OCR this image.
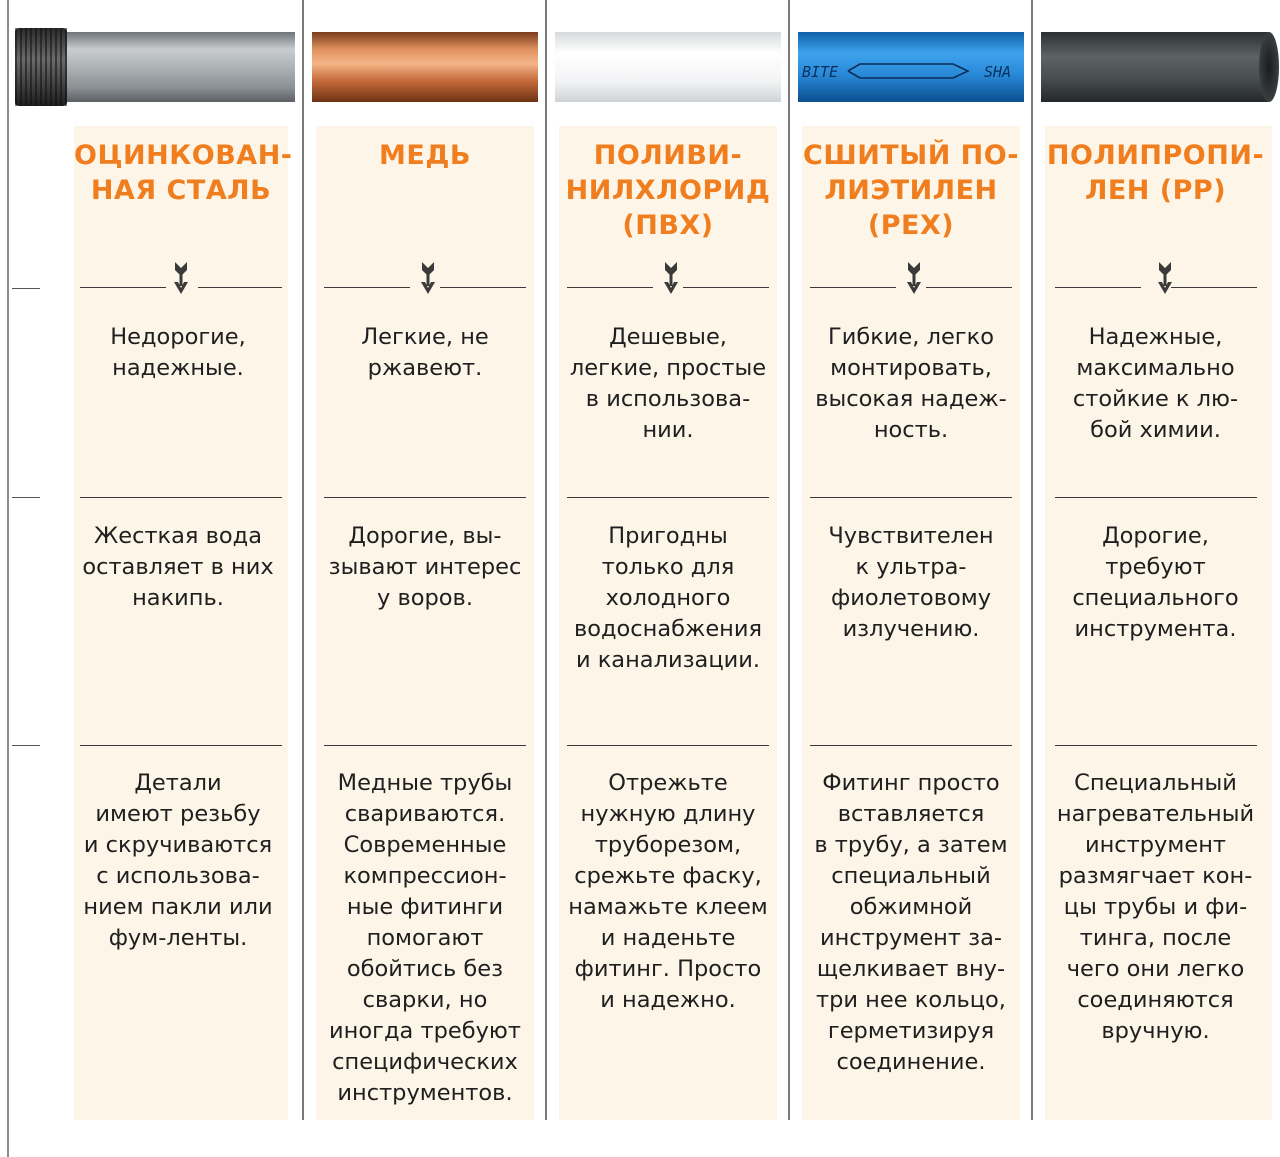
ОЦИНКОВАН-
НАЯ СТАЛЬ
Недорогие,
надежные.
Жесткая вода
оставляет в них
накипь.
Детали
имеют резьбу
и скручиваются
с использова-
нием пакли или
фум-ленты.
МЕДЬ
Легкие, не
ржавеют.
Дорогие, вы-
зывают интерес
у воров.
Медные трубы
свариваются.
Современные
компрессион-
ные фитинги
помогают
обойтись без
сварки, но
иногда требуют
специфических
инструментов.
ПОЛИВИ-
НИЛХЛОРИД
(ПВХ)
Дешевые,
легкие, простые
в использова-
нии.
Пригодны
только для
холодного
водоснабжения
и канализации.
Отрежьте
нужную длину
труборезом,
срежьте фаску,
намажьте клеем
и наденьте
фитинг. Просто
и надежно.
BITE	SHA
СШИТЫЙ ПО-
ЛИЭТИЛЕН
(PEX)
Гибкие, легко
монтировать,
высокая надеж-
ность.
Чувствителен
к ультра-
фиолетовому
излучению.
Фитинг просто
вставляется
в трубу, а затем
специальный
обжимной
инструмент за-
щелкивает вну-
три нее кольцо,
герметизируя
соединение.
ПОЛИПРОПИ-
ЛЕН (PP)
Надежные,
максимально
стойкие к лю-
бой химии.
Дорогие,
требуют
специального
инструмента.
Специальный
нагревательный
инструмент
размягчает кон-
цы трубы и фи-
тинга, после
чего они легко
соединяются
вручную.
